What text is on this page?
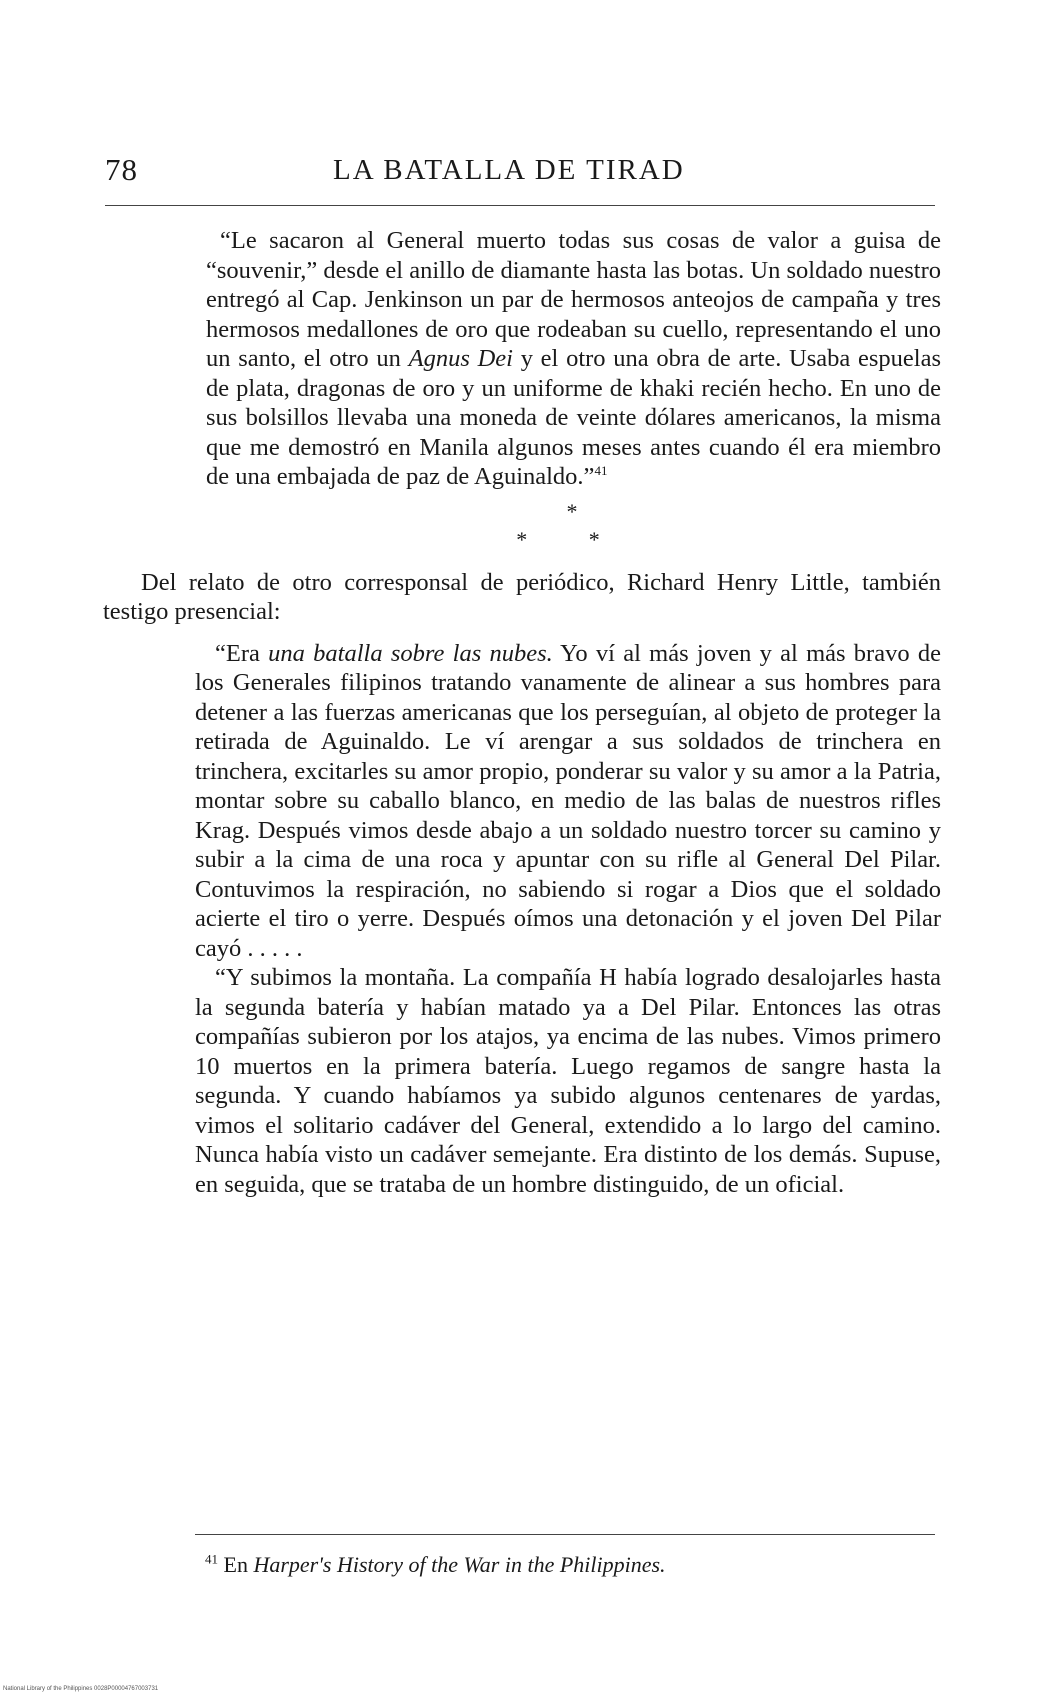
78	LA BATALLA DE TIRAD

“Le sacaron al General muerto todas sus cosas de valor a guisa de “souvenir,” desde el anillo de diamante hasta las botas. Un soldado nuestro entregó al Cap. Jenkinson un par de hermosos anteojos de campaña y tres hermosos medallones de oro que rodeaban su cuello, representando el uno un santo, el otro un Agnus Dei y el otro una obra de arte. Usaba espuelas de plata, dragonas de oro y un uniforme de khaki recién hecho. En uno de sus bolsillos llevaba una moneda de veinte dólares americanos, la misma que me demostró en Manila algunos meses antes cuando él era miembro de una embajada de paz de Aguinaldo.”$^{41}$

*
* *

Del relato de otro corresponsal de periódico, Richard Henry Little, también testigo presencial:

“Era una batalla sobre las nubes. Yo ví al más joven y al más bravo de los Generales filipinos tratando vanamente de alinear a sus hombres para detener a las fuerzas americanas que los perseguían, al objeto de proteger la retirada de Aguinaldo. Le ví arengar a sus soldados de trinchera en trinchera, excitarles su amor propio, ponderar su valor y su amor a la Patria, montar sobre su caballo blanco, en medio de las balas de nuestros rifles Krag. Después vimos desde abajo a un soldado nuestro torcer su camino y subir a la cima de una roca y apuntar con su rifle al General Del Pilar. Contuvimos la respiración, no sabiendo si rogar a Dios que el soldado acierte el tiro o yerre. Después oímos una detonación y el joven Del Pilar cayó . . . . .

“Y subimos la montaña. La compañía H había logrado desalojarles hasta la segunda batería y habían matado ya a Del Pilar. Entonces las otras compañías subieron por los atajos, ya encima de las nubes. Vimos primero 10 muertos en la primera batería. Luego regamos de sangre hasta la segunda. Y cuando habíamos ya subido algunos centenares de yardas, vimos el solitario cadáver del General, extendido a lo largo del camino. Nunca había visto un cadáver semejante. Era distinto de los demás. Supuse, en seguida, que se trataba de un hombre distinguido, de un oficial.

$^{41}$ En Harper's History of the War in the Philippines.
National Library of the Philippines 0028P00004767003731
